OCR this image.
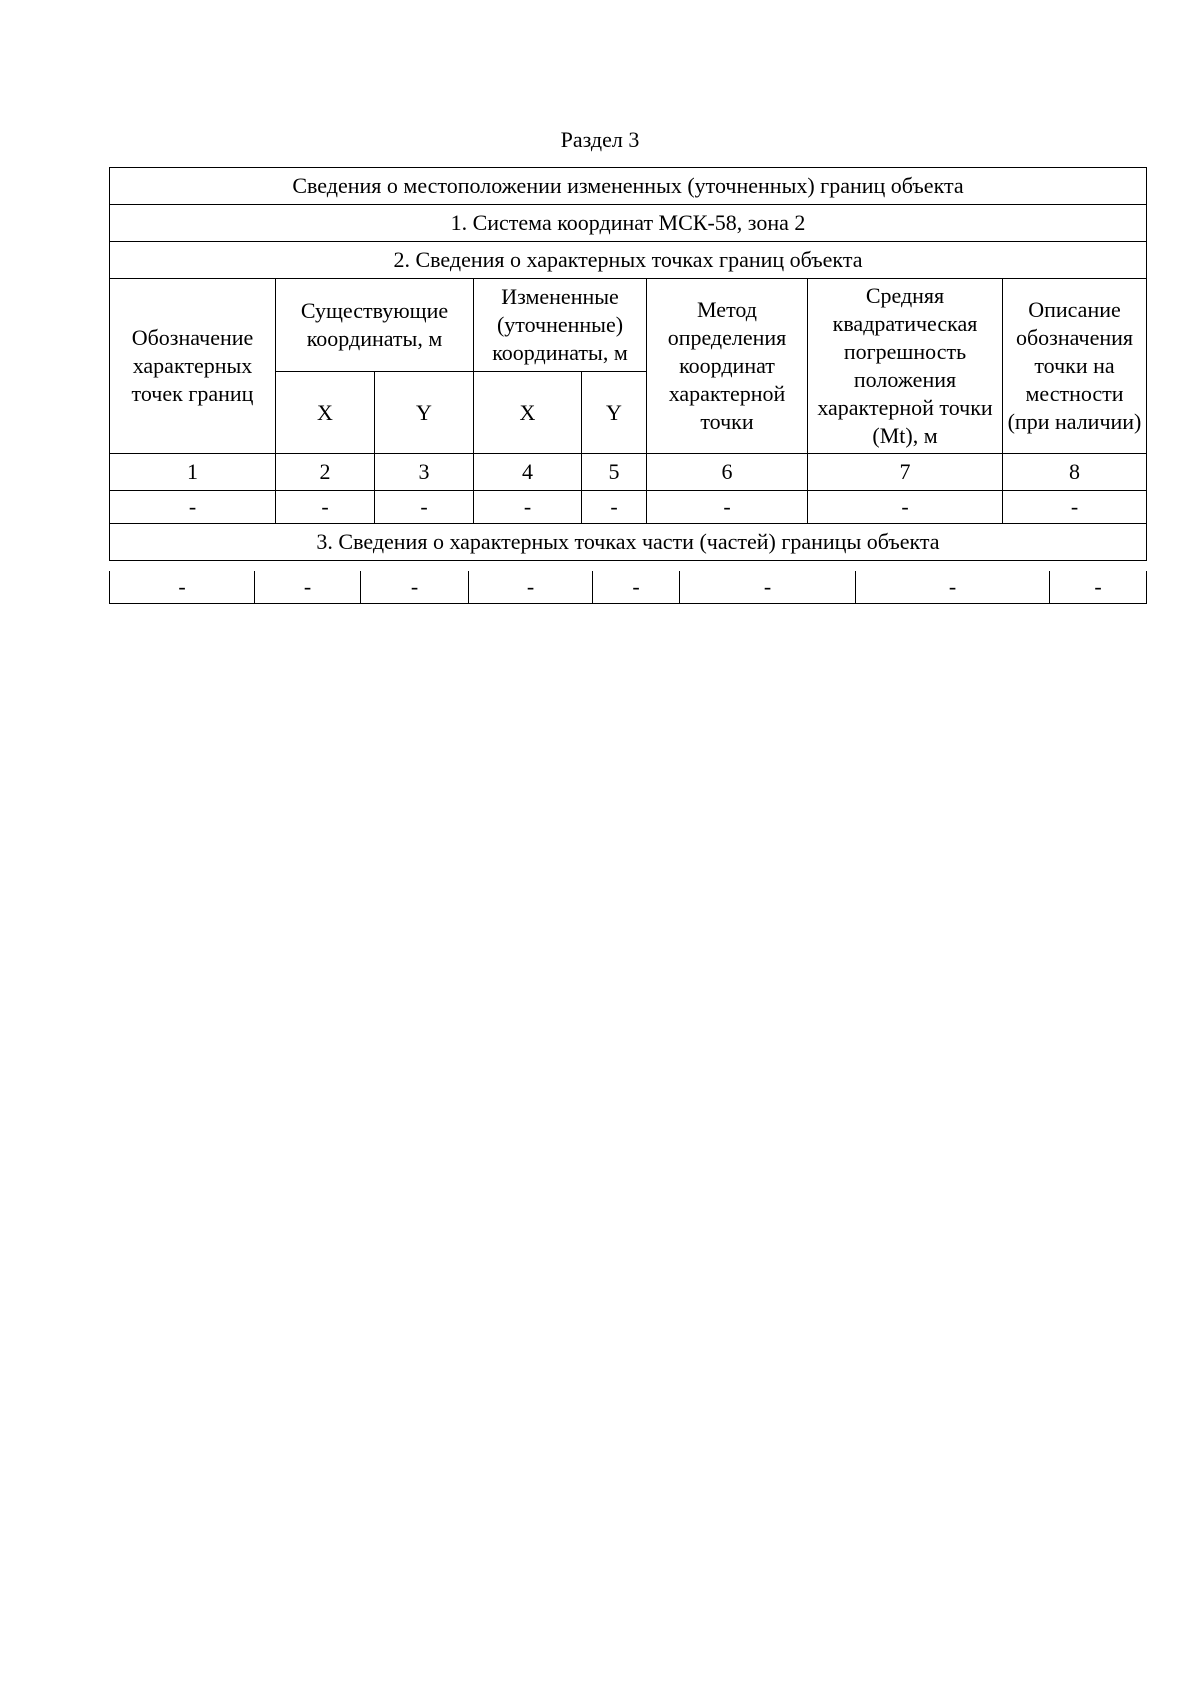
Раздел 3
Сведения о местоположении измененных (уточненных) границ объекта							
1. Система координат МСК-58, зона 2							
2. Сведения о характерных точках границ объекта							
Обозначение характерных точек границ	Существующие координаты, м		Измененные (уточненные) координаты, м		Метод определения координат характерной точки	Средняя квадратическая погрешность положения характерной точки (Mt), м	Описание обозначения точки на местности (при наличии)
	X	Y	X	Y			
1	2	3	4	5	6	7	8
-	-	-	-	-	-	-	-
3. Сведения о характерных точках части (частей) границы объекта							
-	-	-	-	-	-	-	-
